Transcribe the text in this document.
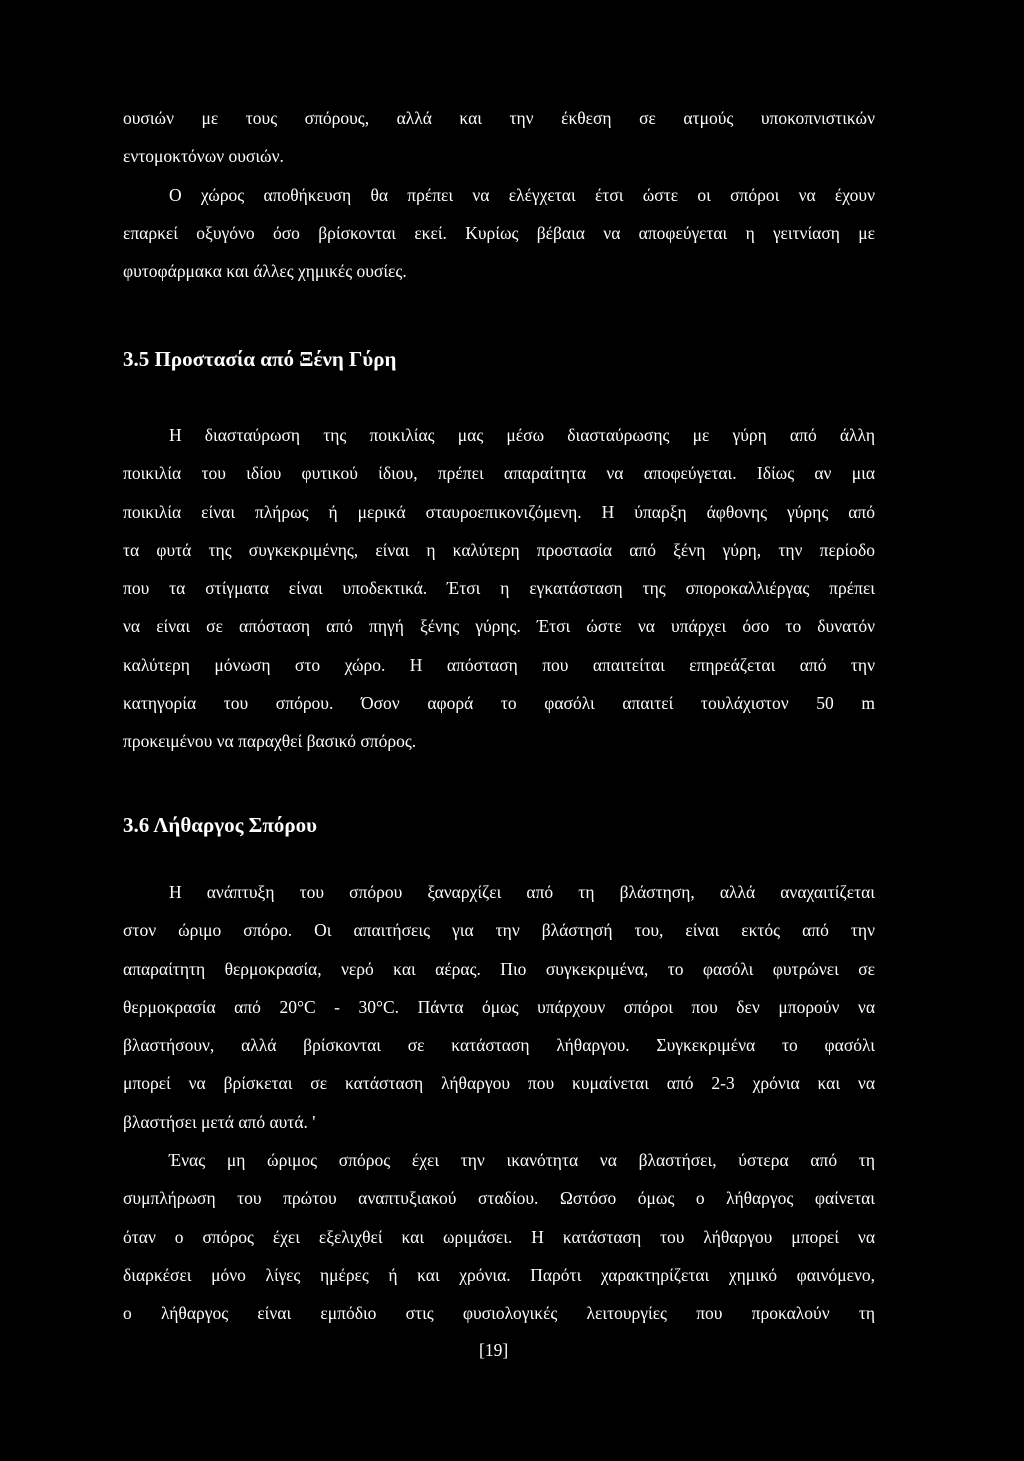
ουσιών με τους σπόρους, αλλά και την έκθεση σε ατμούς υποκοπνιστικών
εντομοκτόνων ουσιών.
Ο χώρος αποθήκευση θα πρέπει να ελέγχεται έτσι ώστε οι σπόροι να έχουν
επαρκεί οξυγόνο όσο βρίσκονται εκεί. Κυρίως βέβαια να αποφεύγεται η γειτνίαση με
φυτοφάρμακα και άλλες χημικές ουσίες.
3.5 Προστασία από Ξένη Γύρη
Η διασταύρωση της ποικιλίας μας μέσω διασταύρωσης με γύρη από άλλη
ποικιλία του ιδίου φυτικού ίδιου, πρέπει απαραίτητα να αποφεύγεται. Ιδίως αν μια
ποικιλία είναι πλήρως ή μερικά σταυροεπικονιζόμενη. Η ύπαρξη άφθονης γύρης από
τα φυτά της συγκεκριμένης, είναι η καλύτερη προστασία από ξένη γύρη, την περίοδο
που τα στίγματα είναι υποδεκτικά. Έτσι η εγκατάσταση της σποροκαλλιέργας πρέπει
να είναι σε απόσταση από πηγή ξένης γύρης. Έτσι ώστε να υπάρχει όσο το δυνατόν
καλύτερη μόνωση στο χώρο. Η απόσταση που απαιτείται επηρεάζεται από την
κατηγορία του σπόρου. Όσον αφορά το φασόλι απαιτεί τουλάχιστον 50 m
προκειμένου να παραχθεί βασικό σπόρος.
3.6 Λήθαργος Σπόρου
Η ανάπτυξη του σπόρου ξαναρχίζει από τη βλάστηση, αλλά αναχαιτίζεται
στον ώριμο σπόρο. Οι απαιτήσεις για την βλάστησή του, είναι εκτός από την
απαραίτητη θερμοκρασία, νερό και αέρας. Πιο συγκεκριμένα, το φασόλι φυτρώνει σε
θερμοκρασία από 20°C - 30°C. Πάντα όμως υπάρχουν σπόροι που δεν μπορούν να
βλαστήσουν, αλλά βρίσκονται σε κατάσταση λήθαργου. Συγκεκριμένα το φασόλι
μπορεί να βρίσκεται σε κατάσταση λήθαργου που κυμαίνεται από 2-3 χρόνια και να
βλαστήσει μετά από αυτά. '
Ένας μη ώριμος σπόρος έχει την ικανότητα να βλαστήσει, ύστερα από τη
συμπλήρωση του πρώτου αναπτυξιακού σταδίου. Ωστόσο όμως ο λήθαργος φαίνεται
όταν ο σπόρος έχει εξελιχθεί και ωριμάσει. Η κατάσταση του λήθαργου μπορεί να
διαρκέσει μόνο λίγες ημέρες ή και χρόνια. Παρότι χαρακτηρίζεται χημικό φαινόμενο,
ο λήθαργος είναι εμπόδιο στις φυσιολογικές λειτουργίες που προκαλούν τη
[19]
